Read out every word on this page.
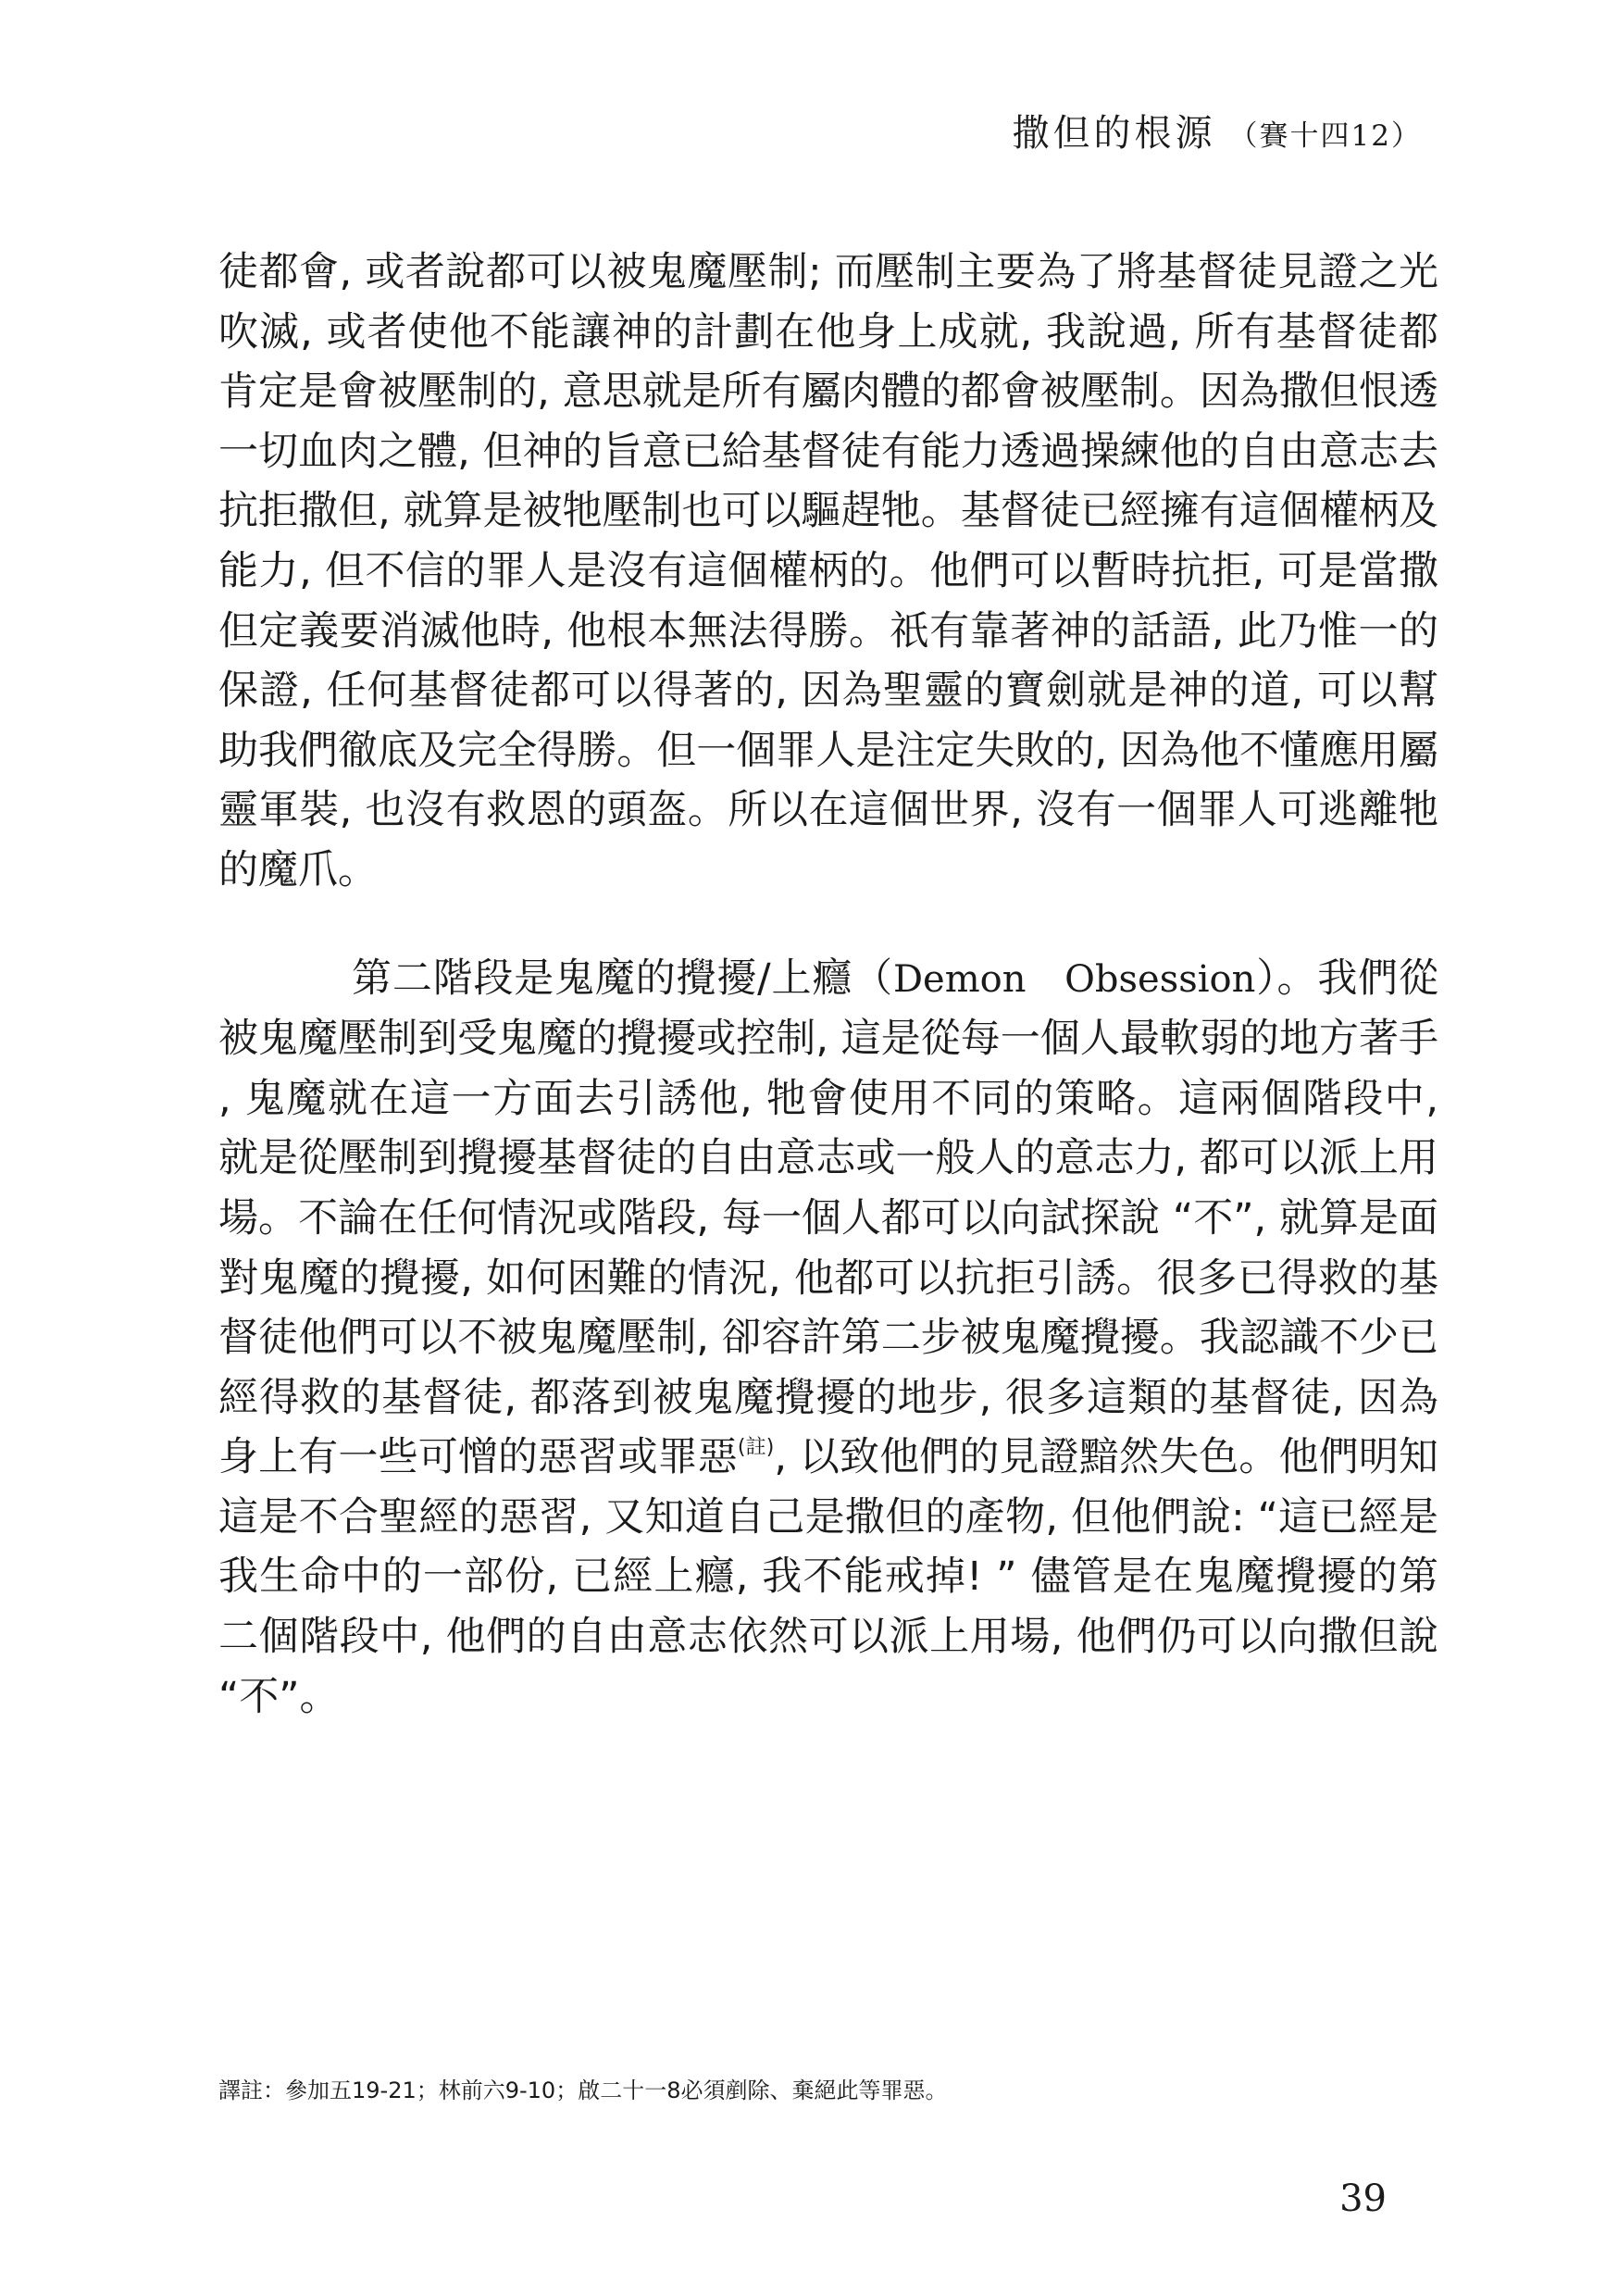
撒但的根源 （賽十四12）

徒都會, 或者說都可以被鬼魔壓制; 而壓制主要為了將基督徒見證之光吹滅, 或者使他不能讓神的計劃在他身上成就, 我說過, 所有基督徒都肯定是會被壓制的, 意思就是所有屬肉體的都會被壓制。因為撒但恨透一切血肉之體, 但神的旨意已給基督徒有能力透過操練他的自由意志去抗拒撒但, 就算是被牠壓制也可以驅趕牠。基督徒已經擁有這個權柄及能力, 但不信的罪人是沒有這個權柄的。他們可以暫時抗拒, 可是當撒但定義要消滅他時, 他根本無法得勝。祇有靠著神的話語, 此乃惟一的保證, 任何基督徒都可以得著的, 因為聖靈的寶劍就是神的道, 可以幫助我們徹底及完全得勝。但一個罪人是注定失敗的, 因為他不懂應用屬靈軍裝, 也沒有救恩的頭盔。所以在這個世界, 沒有一個罪人可逃離牠的魔爪。

第二階段是鬼魔的攪擾/上癮（Demon　Obsession）。我們從被鬼魔壓制到受鬼魔的攪擾或控制, 這是從每一個人最軟弱的地方著手, 鬼魔就在這一方面去引誘他, 牠會使用不同的策略。這兩個階段中, 就是從壓制到攪擾基督徒的自由意志或一般人的意志力, 都可以派上用場。不論在任何情況或階段, 每一個人都可以向試探說 “不”, 就算是面對鬼魔的攪擾, 如何困難的情況, 他都可以抗拒引誘。很多已得救的基督徒他們可以不被鬼魔壓制, 卻容許第二步被鬼魔攪擾。我認識不少已經得救的基督徒, 都落到被鬼魔攪擾的地步, 很多這類的基督徒, 因為身上有一些可憎的惡習或罪惡$^{(註)}$, 以致他們的見證黯然失色。他們明知這是不合聖經的惡習, 又知道自己是撒但的產物, 但他們說: “這已經是我生命中的一部份, 已經上癮, 我不能戒掉! ” 儘管是在鬼魔攪擾的第二個階段中, 他們的自由意志依然可以派上用場, 他們仍可以向撒但說 “不”。

譯註：參加五19-21；林前六9-10；啟二十一8必須剷除、棄絕此等罪惡。
39
